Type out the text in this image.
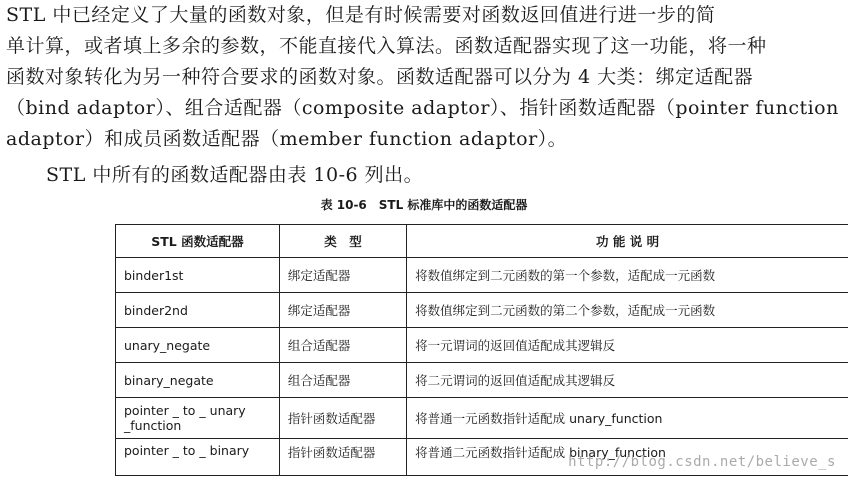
STL 中已经定义了大量的函数对象，但是有时候需要对函数返回值进行进一步的简
单计算，或者填上多余的参数，不能直接代入算法。函数适配器实现了这一功能，将一种
函数对象转化为另一种符合要求的函数对象。函数适配器可以分为 4 大类：绑定适配器
（bind adaptor）、组合适配器（composite adaptor）、指针函数适配器（pointer function
adaptor）和成员函数适配器（member function adaptor）。
STL 中所有的函数适配器由表 10-6 列出。
表 10-6　STL 标准库中的函数适配器
STL 函数适配器	类　型	功 能 说 明
binder1st	绑定适配器	将数值绑定到二元函数的第一个参数，适配成一元函数
binder2nd	绑定适配器	将数值绑定到二元函数的第二个参数，适配成一元函数
unary_negate	组合适配器	将一元谓词的返回值适配成其逻辑反
binary_negate	组合适配器	将二元谓词的返回值适配成其逻辑反
pointer _ to _ unary _function	指针函数适配器	将普通一元函数指针适配成 unary_function
pointer _ to _ binary	指针函数适配器	将普通二元函数指针适配成 binary_function
http://blog.csdn.net/believe_s
